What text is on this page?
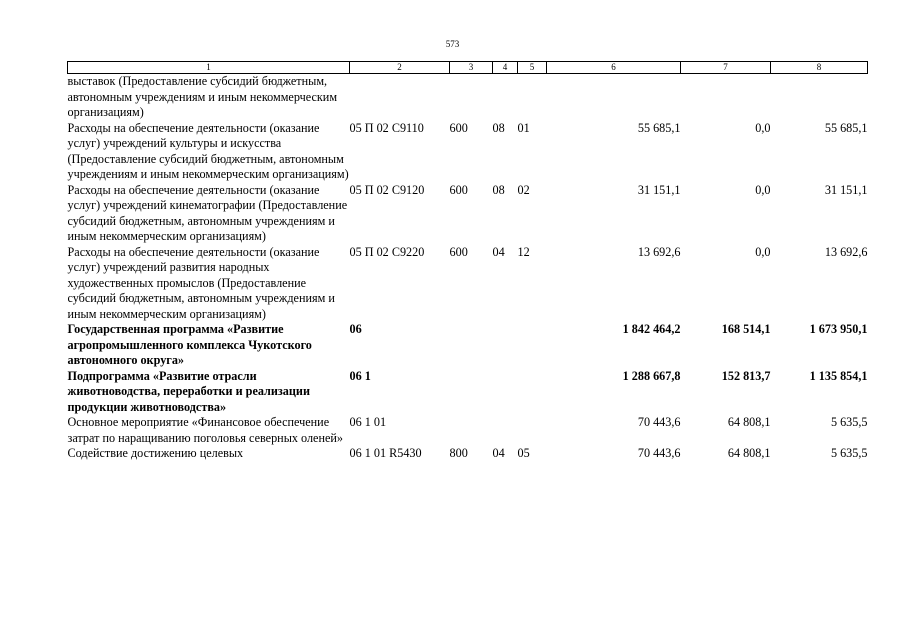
573
1	2	3	4	5	6	7	8
выставок (Предоставление субсидий бюджетным, автономным учреждениям и иным некоммерческим организациям)							
Расходы на обеспечение деятельности (оказание услуг) учреждений культуры и искусства (Предоставление субсидий бюджетным, автономным учреждениям и иным некоммерческим организациям)	05 П 02 С9110	600	08	01	55 685,1	0,0	55 685,1
Расходы на обеспечение деятельности (оказание услуг) учреждений кинематографии (Предоставление субсидий бюджетным, автономным учреждениям и иным некоммерческим организациям)	05 П 02 С9120	600	08	02	31 151,1	0,0	31 151,1
Расходы на обеспечение деятельности (оказание услуг) учреждений развития народных художественных промыслов (Предоставление субсидий бюджетным, автономным учреждениям и иным некоммерческим организациям)	05 П 02 С9220	600	04	12	13 692,6	0,0	13 692,6
Государственная программа «Развитие агропромышленного комплекса Чукотского автономного округа»	06				1 842 464,2	168 514,1	1 673 950,1
Подпрограмма «Развитие отрасли животноводства, переработки и реализации продукции животноводства»	06 1				1 288 667,8	152 813,7	1 135 854,1
Основное мероприятие «Финансовое обеспечение затрат по наращиванию поголовья северных оленей»	06 1 01				70 443,6	64 808,1	5 635,5
Содействие достижению целевых	06 1 01 R5430	800	04	05	70 443,6	64 808,1	5 635,5
